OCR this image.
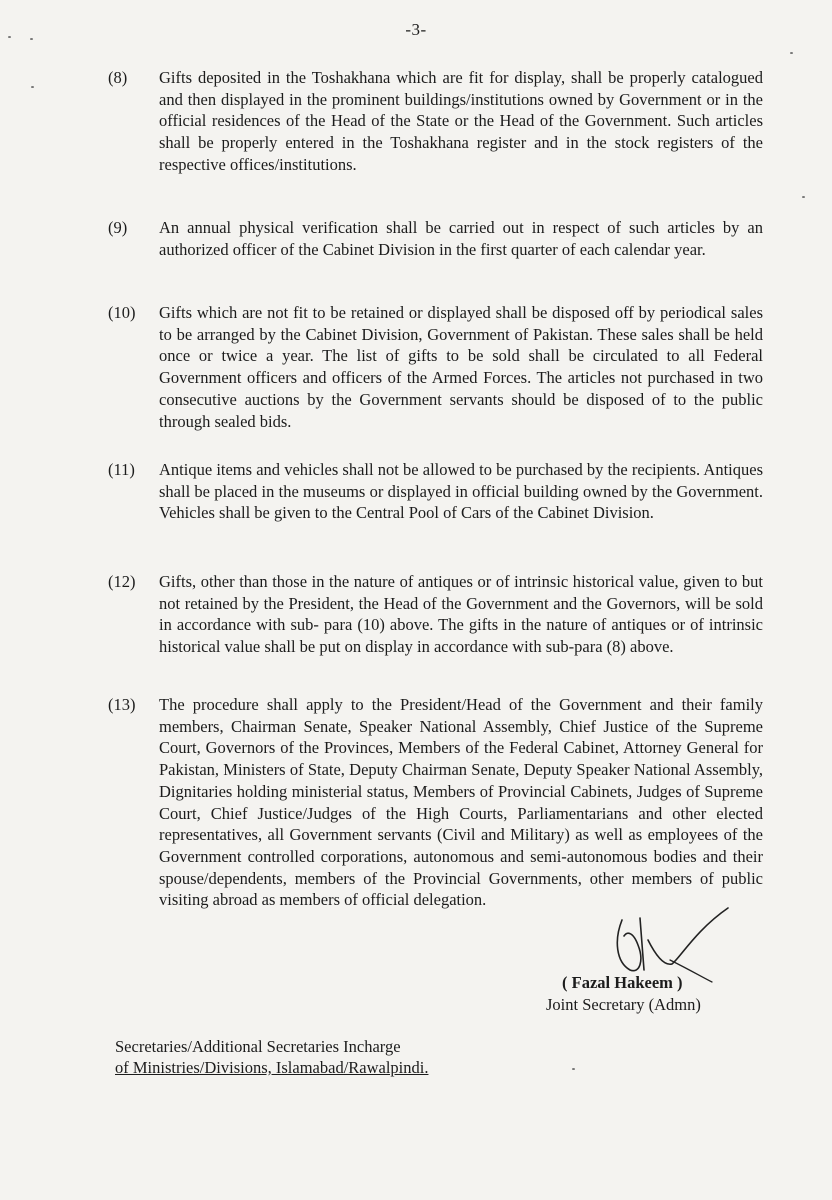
-3-
(8)	Gifts deposited in the Toshakhana which are fit for display, shall be properly catalogued and then displayed in the prominent buildings/institutions owned by Government or in the official residences of the Head of the State or the Head of the Government. Such articles shall be properly entered in the Toshakhana register and in the stock registers of the respective offices/institutions.
(9)	An annual physical verification shall be carried out in respect of such articles by an authorized officer of the Cabinet Division in the first quarter of each calendar year.
(10)	Gifts which are not fit to be retained or displayed shall be disposed off by periodical sales to be arranged by the Cabinet Division, Government of Pakistan. These sales shall be held once or twice a year. The list of gifts to be sold shall be circulated to all Federal Government officers and officers of the Armed Forces. The articles not purchased in two consecutive auctions by the Government servants should be disposed of to the public through sealed bids.
(11)	Antique items and vehicles shall not be allowed to be purchased by the recipients. Antiques shall be placed in the museums or displayed in official building owned by the Government. Vehicles shall be given to the Central Pool of Cars of the Cabinet Division.
(12)	Gifts, other than those in the nature of antiques or of intrinsic historical value, given to but not retained by the President, the Head of the Government and the Governors, will be sold in accordance with sub- para (10) above. The gifts in the nature of antiques or of intrinsic historical value shall be put on display in accordance with sub-para (8) above.
(13)	The procedure shall apply to the President/Head of the Government and their family members, Chairman Senate, Speaker National Assembly, Chief Justice of the Supreme Court, Governors of the Provinces, Members of the Federal Cabinet, Attorney General for Pakistan, Ministers of State, Deputy Chairman Senate, Deputy Speaker National Assembly, Dignitaries holding ministerial status, Members of Provincial Cabinets, Judges of Supreme Court, Chief Justice/Judges of the High Courts, Parliamentarians and other elected representatives, all Government servants (Civil and Military) as well as employees of the Government controlled corporations, autonomous and semi-autonomous bodies and their spouse/dependents, members of the Provincial Governments, other members of public visiting abroad as members of official delegation.
( Fazal Hakeem )
Joint Secretary (Admn)
Secretaries/Additional Secretaries Incharge
of Ministries/Divisions, Islamabad/Rawalpindi.
